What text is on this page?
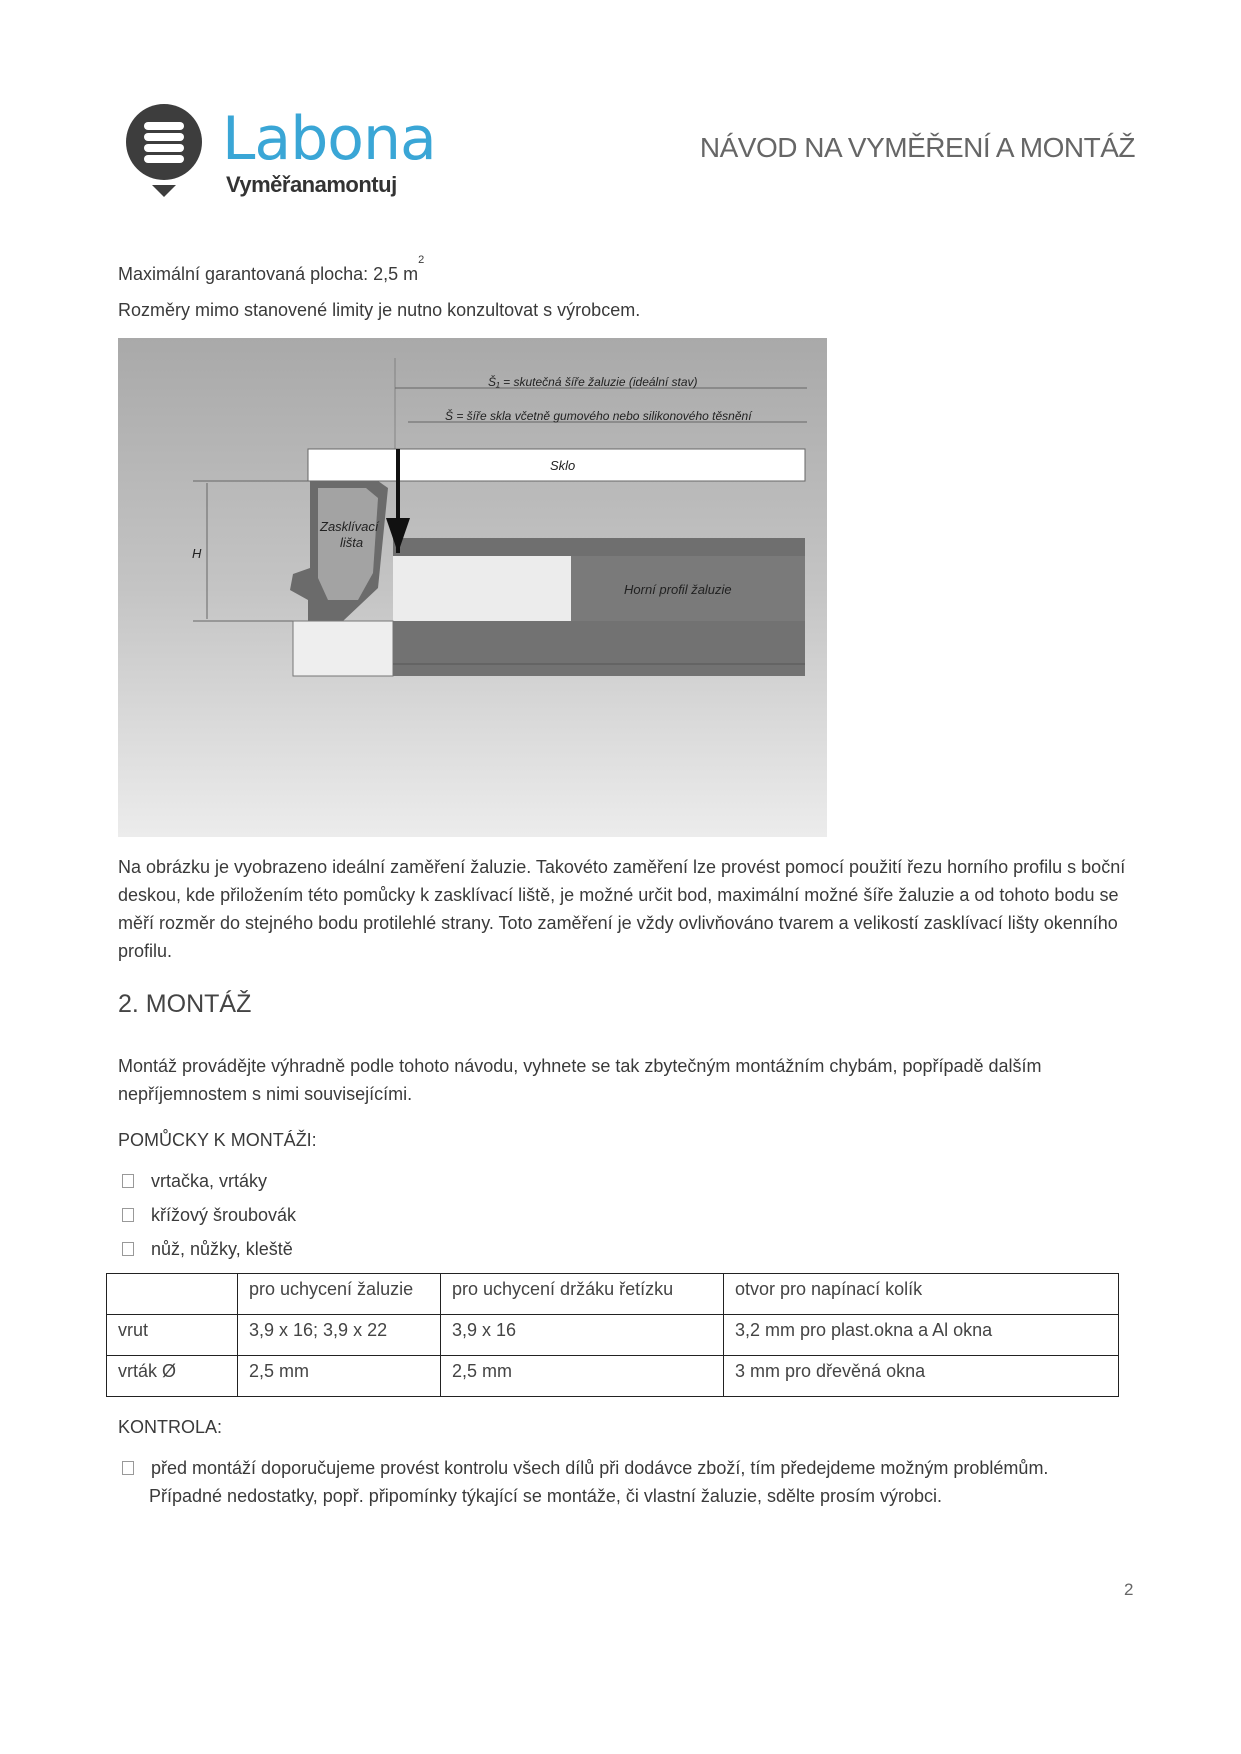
Labona
Vyměřanamontuj
NÁVOD NA VYMĚŘENÍ A MONTÁŽ
Maximální garantovaná plocha: 2,5 $m^2$
Rozměry mimo stanovené limity je nutno konzultovat s výrobcem.
Š₁ = skutečná šíře žaluzie (ideální stav)
Š = šíře skla včetně gumového nebo silikonového těsnění
Sklo
Zasklívací
lišta
H
Horní profil žaluzie
Na obrázku je vyobrazeno ideální zaměření žaluzie. Takovéto zaměření lze provést pomocí použití řezu horního profilu s boční deskou, kde přiložením této pomůcky k zasklívací liště, je možné určit bod, maximální možné šíře žaluzie a od tohoto bodu se měří rozměr do stejného bodu protilehlé strany. Toto zaměření je vždy ovlivňováno tvarem a velikostí zasklívací lišty okenního profilu.
2. MONTÁŽ
Montáž provádějte výhradně podle tohoto návodu, vyhnete se tak zbytečným montážním chybám, popřípadě dalším nepříjemnostem s nimi souvisejícími.
POMŮCKY K MONTÁŽI:
vrtačka, vrtáky
křížový šroubovák
nůž, nůžky, kleště
	pro uchycení žaluzie	pro uchycení držáku řetízku	otvor pro napínací kolík
vrut	3,9 x 16; 3,9 x 22	3,9 x 16	3,2 mm pro plast.okna a Al okna
vrták Ø	2,5 mm	2,5 mm	3 mm pro dřevěná okna
KONTROLA:
před montáží doporučujeme provést kontrolu všech dílů při dodávce zboží, tím předejdeme možným problémům.
Případné nedostatky, popř. připomínky týkající se montáže, či vlastní žaluzie, sdělte prosím výrobci.
2
